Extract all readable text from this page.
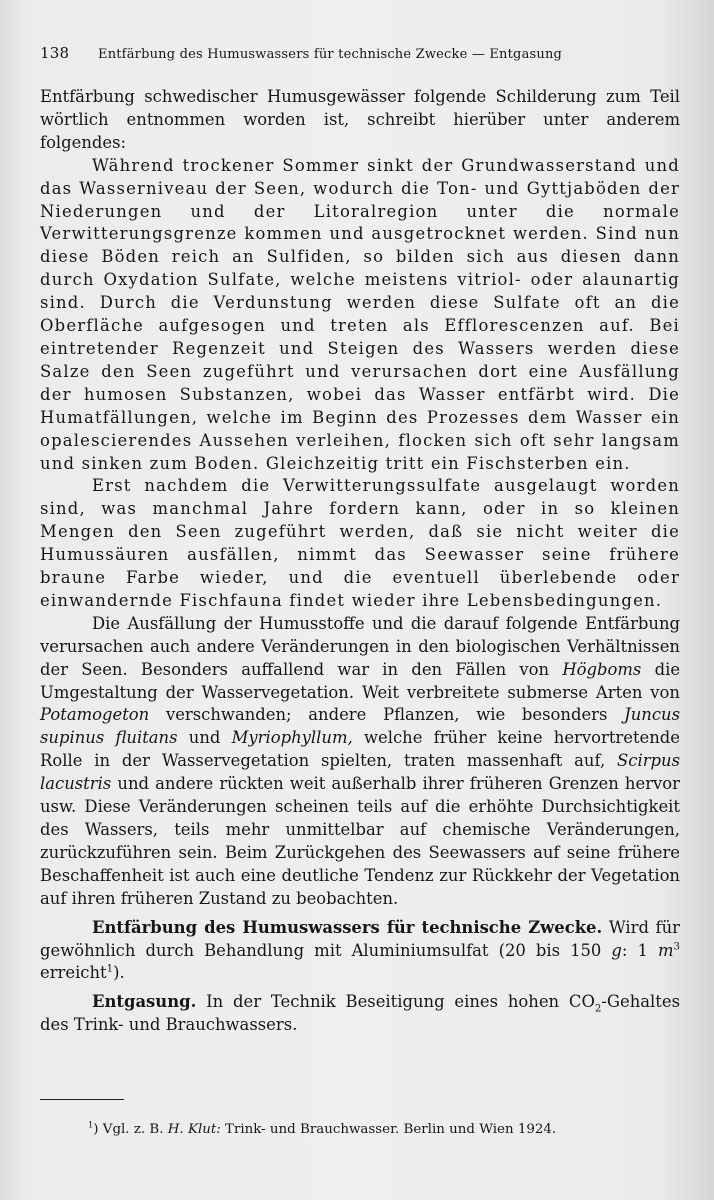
138 Entfärbung des Humuswassers für technische Zwecke — Entgasung

Entfärbung schwedischer Humusgewässer folgende Schilderung zum Teil wörtlich entnommen worden ist, schreibt hierüber unter anderem folgendes:

Während trockener Sommer sinkt der Grundwasserstand und das Wasserniveau der Seen, wodurch die Ton- und Gyttjaböden der Niederungen und der Litoralregion unter die normale Verwitterungsgrenze kommen und ausgetrocknet werden. Sind nun diese Böden reich an Sulfiden, so bilden sich aus diesen dann durch Oxydation Sulfate, welche meistens vitriol- oder alaunartig sind. Durch die Verdunstung werden diese Sulfate oft an die Oberfläche aufgesogen und treten als Efflorescenzen auf. Bei eintretender Regenzeit und Steigen des Wassers werden diese Salze den Seen zugeführt und verursachen dort eine Ausfällung der humosen Substanzen, wobei das Wasser entfärbt wird. Die Humatfällungen, welche im Beginn des Prozesses dem Wasser ein opalescierendes Aussehen verleihen, flocken sich oft sehr langsam und sinken zum Boden. Gleichzeitig tritt ein Fischsterben ein.

Erst nachdem die Verwitterungssulfate ausgelaugt worden sind, was manchmal Jahre fordern kann, oder in so kleinen Mengen den Seen zugeführt werden, daß sie nicht weiter die Humussäuren ausfällen, nimmt das Seewasser seine frühere braune Farbe wieder, und die eventuell überlebende oder einwandernde Fischfauna findet wieder ihre Lebensbedingungen.

Die Ausfällung der Humusstoffe und die darauf folgende Entfärbung verursachen auch andere Veränderungen in den biologischen Verhältnissen der Seen. Besonders auffallend war in den Fällen von Högboms die Umgestaltung der Wasservegetation. Weit verbreitete submerse Arten von Potamogeton verschwanden; andere Pflanzen, wie besonders Juncus supinus fluitans und Myriophyllum, welche früher keine hervortretende Rolle in der Wasservegetation spielten, traten massenhaft auf, Scirpus lacustris und andere rückten weit außerhalb ihrer früheren Grenzen hervor usw. Diese Veränderungen scheinen teils auf die erhöhte Durchsichtigkeit des Wassers, teils mehr unmittelbar auf chemische Veränderungen, zurückzuführen sein. Beim Zurückgehen des Seewassers auf seine frühere Beschaffenheit ist auch eine deutliche Tendenz zur Rückkehr der Vegetation auf ihren früheren Zustand zu beobachten.

Entfärbung des Humuswassers für technische Zwecke. Wird für gewöhnlich durch Behandlung mit Aluminiumsulfat (20 bis 150 g: 1 $m^3$ erreicht$^1$).

Entgasung. In der Technik Beseitigung eines hohen $CO_2$-Gehaltes des Trink- und Brauchwassers.

$^1$) Vgl. z. B. H. Klut: Trink- und Brauchwasser. Berlin und Wien 1924.
